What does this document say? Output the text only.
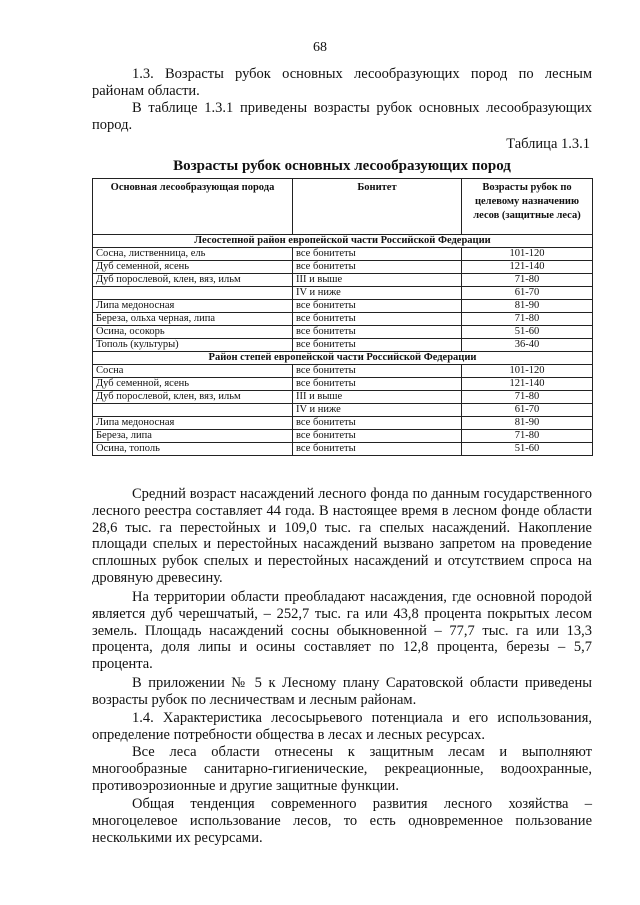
68

1.3. Возрасты рубок основных лесообразующих пород по лесным районам области.

В таблице 1.3.1 приведены возрасты рубок основных лесообразующих пород.

Таблица 1.3.1
Возрасты рубок основных лесообразующих пород
Основная лесообразующая порода	Бонитет	Возрасты рубок по целевому назначению лесов (защитные леса)
Лесостепной район европейской части Российской Федерации		
Сосна, лиственница, ель	все бонитеты	101-120
Дуб семенной, ясень	все бонитеты	121-140
Дуб порослевой, клен, вяз, ильм	III и выше	71-80
	IV и ниже	61-70
Липа медоносная	все бонитеты	81-90
Береза, ольха черная, липа	все бонитеты	71-80
Осина, осокорь	все бонитеты	51-60
Тополь (культуры)	все бонитеты	36-40
Район степей европейской части Российской Федерации		
Сосна	все бонитеты	101-120
Дуб семенной, ясень	все бонитеты	121-140
Дуб порослевой, клен, вяз, ильм	III и выше	71-80
	IV и ниже	61-70
Липа медоносная	все бонитеты	81-90
Береза, липа	все бонитеты	71-80
Осина, тополь	все бонитеты	51-60

Средний возраст насаждений лесного фонда по данным государственного лесного реестра составляет 44 года. В настоящее время в лесном фонде области 28,6 тыс. га перестойных и 109,0 тыс. га спелых насаждений. Накопление площади спелых и перестойных насаждений вызвано запретом на проведение сплошных рубок спелых и перестойных насаждений и отсутствием спроса на дровяную древесину.

На территории области преобладают насаждения, где основной породой является дуб черешчатый, – 252,7 тыс. га или 43,8 процента покрытых лесом земель. Площадь насаждений сосны обыкновенной – 77,7 тыс. га или 13,3 процента, доля липы и осины составляет по 12,8 процента, березы – 5,7 процента.

В приложении № 5 к Лесному плану Саратовской области приведены возрасты рубок по лесничествам и лесным районам.

1.4. Характеристика лесосырьевого потенциала и его использования, определение потребности общества в лесах и лесных ресурсах.

Все леса области отнесены к защитным лесам и выполняют многообразные санитарно-гигиенические, рекреационные, водоохранные, противоэрозионные и другие защитные функции.

Общая тенденция современного развития лесного хозяйства – многоцелевое использование лесов, то есть одновременное пользование несколькими их ресурсами.
